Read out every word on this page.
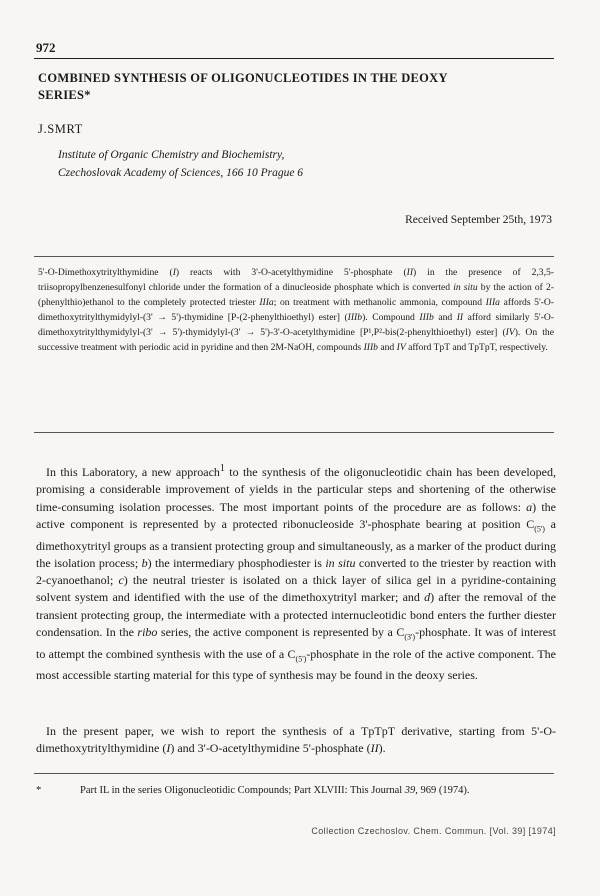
972
COMBINED SYNTHESIS OF OLIGONUCLEOTIDES IN THE DEOXY SERIES*
J.SMRT
Institute of Organic Chemistry and Biochemistry,
Czechoslovak Academy of Sciences, 166 10 Prague 6
Received September 25th, 1973
5'-O-Dimethoxytritylthymidine (I) reacts with 3'-O-acetylthymidine 5'-phosphate (II) in the presence of 2,3,5-triisopropylbenzenesulfonyl chloride under the formation of a dinucleoside phosphate which is converted in situ by the action of 2-(phenylthio)ethanol to the completely protected triester IIIa; on treatment with methanolic ammonia, compound IIIa affords 5'-O-dimethoxytritylthymidylyl-(3' → 5')-thymidine [P-(2-phenylthioethyl) ester] (IIIb). Compound IIIb and II afford similarly 5'-O-dimethoxytritylthymidylyl-(3' → 5')-thymidylyl-(3' → 5')-3'-O-acetylthymidine [P¹,P²-bis(2-phenylthioethyl) ester] (IV). On the successive treatment with periodic acid in pyridine and then 2M-NaOH, compounds IIIb and IV afford TpT and TpTpT, respectively.

In this Laboratory, a new approach$^1$ to the synthesis of the oligonucleotidic chain has been developed, promising a considerable improvement of yields in the particular steps and shortening of the otherwise time-consuming isolation processes. The most important points of the procedure are as follows: a) the active component is represented by a protected ribonucleoside 3'-phosphate bearing at position $C_{(5')}$ a dimethoxytrityl groups as a transient protecting group and simultaneously, as a marker of the product during the isolation process; b) the intermediary phosphodiester is in situ converted to the triester by reaction with 2-cyanoethanol; c) the neutral triester is isolated on a thick layer of silica gel in a pyridine-containing solvent system and identified with the use of the dimethoxytrityl marker; and d) after the removal of the transient protecting group, the intermediate with a protected internucleotidic bond enters the further diester condensation. In the ribo series, the active component is represented by a $C_{(3')}$-phosphate. It was of interest to attempt the combined synthesis with the use of a $C_{(5')}$-phosphate in the role of the active component. The most accessible starting material for this type of synthesis may be found in the deoxy series.

In the present paper, we wish to report the synthesis of a TpTpT derivative, starting from 5'-O-dimethoxytritylthymidine (I) and 3'-O-acetylthymidine 5'-phosphate (II).

*	Part IL in the series Oligonucleotidic Compounds; Part XLVIII: This Journal 39, 969 (1974).
Collection Czechoslov. Chem. Commun. [Vol. 39] [1974]
